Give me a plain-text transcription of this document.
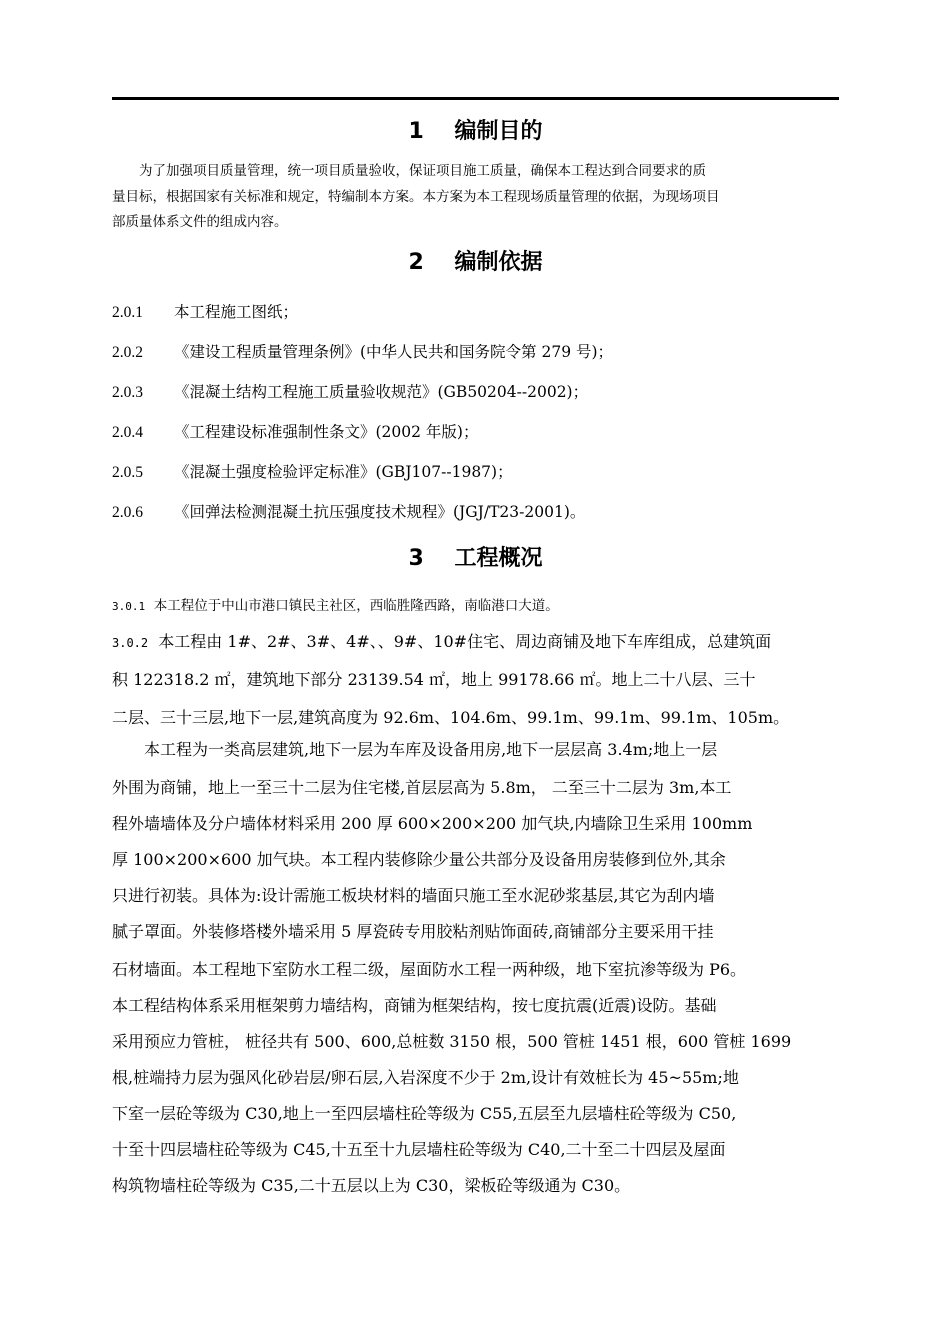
1    编制目的
　　为了加强项目质量管理，统一项目质量验收，保证项目施工质量，确保本工程达到合同要求的质
量目标，根据国家有关标准和规定，特编制本方案。本方案为本工程现场质量管理的依据，为现场项目
部质量体系文件的组成内容。
2    编制依据
2.0.1 本工程施工图纸；
2.0.2 《建设工程质量管理条例》(中华人民共和国务院令第 279 号)；
2.0.3 《混凝土结构工程施工质量验收规范》(GB50204--2002)；
2.0.4 《工程建设标准强制性条文》(2002 年版)；
2.0.5 《混凝土强度检验评定标准》(GBJ107--1987)；
2.0.6 《回弹法检测混凝土抗压强度技术规程》(JGJ/T23-2001)。
3    工程概况
3.0.1 本工程位于中山市港口镇民主社区，西临胜隆西路，南临港口大道。
3.0.2 本工程由 1#、2#、3#、4#、、9#、10#住宅、周边商铺及地下车库组成，总建筑面
积 122318.2 ㎡，建筑地下部分 23139.54 ㎡，地上 99178.66 ㎡。地上二十八层、三十
二层、三十三层,地下一层,建筑高度为 92.6m、104.6m、99.1m、99.1m、99.1m、105m。
　　本工程为一类高层建筑,地下一层为车库及设备用房,地下一层层高 3.4m;地上一层
外围为商铺，地上一至三十二层为住宅楼,首层层高为 5.8m， 二至三十二层为 3m,本工
程外墙墙体及分户墙体材料采用 200 厚 600×200×200 加气块,内墙除卫生采用 100mm
厚 100×200×600 加气块。本工程内装修除少量公共部分及设备用房装修到位外,其余
只进行初装。具体为:设计需施工板块材料的墙面只施工至水泥砂浆基层,其它为刮内墙
腻子罩面。外装修塔楼外墙采用 5 厚瓷砖专用胶粘剂贴饰面砖,商铺部分主要采用干挂
石材墙面。本工程地下室防水工程二级，屋面防水工程一两种级，地下室抗渗等级为 P6。
本工程结构体系采用框架剪力墙结构，商铺为框架结构，按七度抗震(近震)设防。基础
采用预应力管桩， 桩径共有 500、600,总桩数 3150 根，500 管桩 1451 根，600 管桩 1699
根,桩端持力层为强风化砂岩层/卵石层,入岩深度不少于 2m,设计有效桩长为 45~55m;地
下室一层砼等级为 C30,地上一至四层墙柱砼等级为 C55,五层至九层墙柱砼等级为 C50,
十至十四层墙柱砼等级为 C45,十五至十九层墙柱砼等级为 C40,二十至二十四层及屋面
构筑物墙柱砼等级为 C35,二十五层以上为 C30，梁板砼等级通为 C30。
